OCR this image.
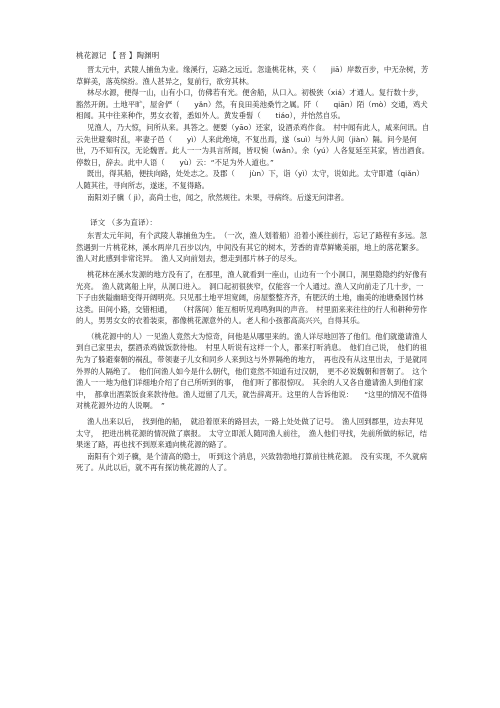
桃花源记 【 晋 】陶渊明

晋太元中，武陵人捕鱼为业。缘溪行，忘路之远近。忽逢桃花林，夹（　　jiā）岸数百步，中无杂树，芳草鲜美，落英缤纷。渔人甚异之，复前行，欲穷其林。

林尽水源，便得一山，山有小口，仿佛若有光。便舍船，从口入。初极狭（xiá）才通人。复行数十步，豁然开朗。土地平旷，屋舍俨（　　yǎn）然，有良田美池桑竹之属。阡（　　qiān）陌（mò）交通，鸡犬相闻。其中往来种作，男女衣着，悉如外人。黄发垂髫（　　tiáo），并怡然自乐。

见渔人，乃大惊，问所从来。具答之。便要（yāo）还家，设酒杀鸡作食。　村中闻有此人，咸来问讯。自云先世避秦时乱，率妻子邑（　　yì）人来此绝境，不复出焉，遂（suì）与外人间（jiàn）隔。问今是何世，乃不知有汉，无论魏晋。此人一一为具言所闻，皆叹惋（wǎn）。余（yú）人各复延至其家，皆出酒食。停数日，辞去。此中人语（　　yù）云：“不足为外人道也。”

既出，得其船，便扶向路，处处志之。及郡（　　jùn）下，诣（yì）太守，说如此。太守即遣（qiǎn）人随其往，寻向所志，遂迷，不复得路。

南阳刘子骥（ jì），高尚士也，闻之，欣然规往。未果，寻病终。后遂无问津者。

译文 （多为直译）：

东晋太元年间，有个武陵人靠捕鱼为生。　（一次，渔人划着船）沿着小溪往前行，忘记了路程有多远。忽然遇到一片桃花林，溪水两岸几百步以内，中间没有其它的树木，芳香的青草鲜嫩美丽，地上的落花繁多。　渔人对此感到非常诧异。　渔人又向前划去，想走到那片林子的尽头。

桃花林在溪水发源的地方没有了，在那里，渔人就看到一座山，山边有一个小洞口，洞里隐隐约约好像有光亮。　渔人就离船上岸，从洞口进入。　洞口起初很狭窄，仅能容一个人通过。渔人又向前走了几十步，一下子由狭隘幽暗变得开阔明亮。只见那土地平坦宽阔，房屋整整齐齐，有肥沃的土地，幽美的池塘桑园竹林这类。田间小路，交错相通，　　（村落间）能互相听见鸡鸣狗叫的声音。　村里面来来往往的行人和耕种劳作的人，男男女女的衣着装束，都像桃花源意外的人。老人和小孩都高高兴兴，自得其乐。

（桃花源中的人）一见渔人竟然大为惊奇，问他是从哪里来的。渔人详尽地回答了他们。他们就邀请渔人到自己家里去，摆酒杀鸡做饭款待他。　村里人听说有这样一个人，都来打听消息。　他们自己说，　他们的祖先为了躲避秦朝的祸乱，带领妻子儿女和同乡人来到这与外界隔绝的地方，　再也没有从这里出去，于是就同外界的人隔绝了。　他们问渔人如今是什么朝代，他们竟然不知道有过汉朝，　更不必说魏朝和晋朝了。　这个渔人一一地为他们详细地介绍了自己所听到的事，　他们听了都很惊叹。　其余的人又各自邀请渔人到他们家中，　都拿出酒菜饭食来款待他。渔人逗留了几天，就告辞离开。这里的人告诉他说：　　“这里的情况不值得对桃花源外边的人说啊。　”

渔人出来以后，　找到他的船，　就沿着原来的路回去，一路上处处做了记号。　渔人回到郡里，边去拜见太守，　把进出桃花源的情况做了禀报。　太守立即派人随同渔人前往，　渔人他们寻找，先前所做的标记，结果迷了路，再也找不到原来通向桃花源的路了。

南阳有个刘子骥，是个清高的隐士，　听到这个消息，兴致勃勃地打算前往桃花源。　没有实现，不久就病死了。从此以后，就不再有探访桃花源的人了。
